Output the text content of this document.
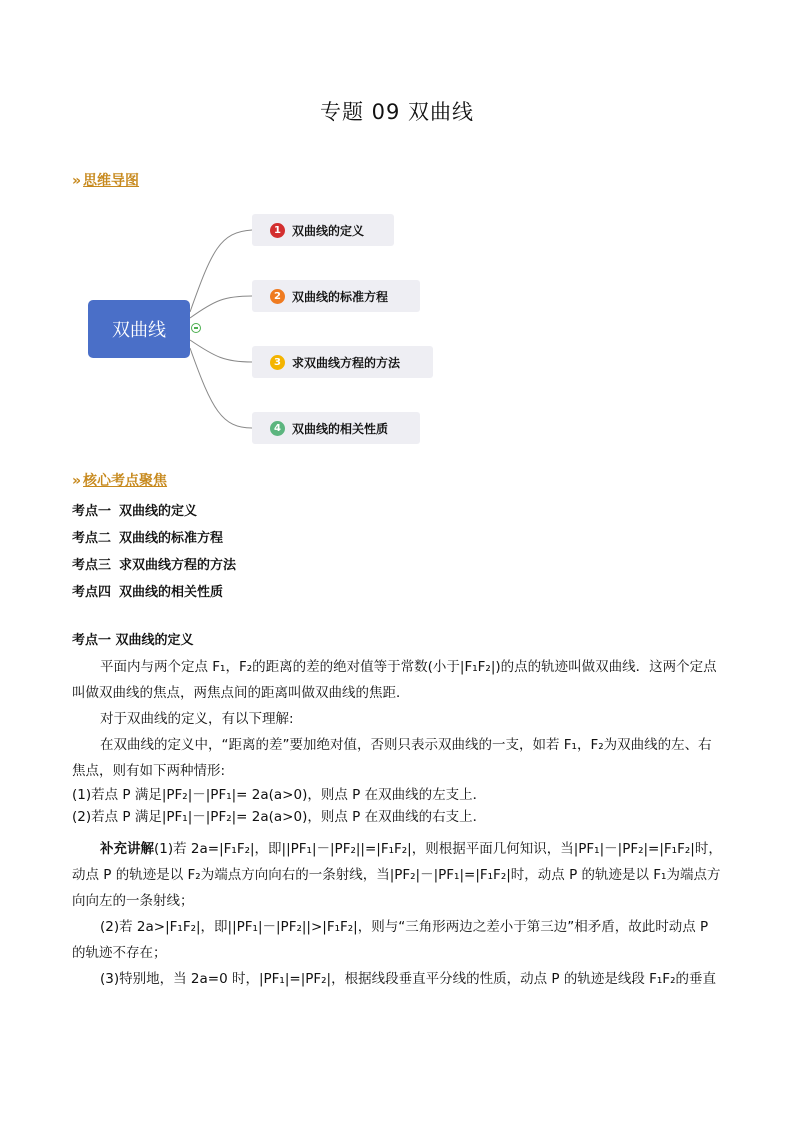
专题 09 双曲线
» 思维导图
双曲线
1 双曲线的定义
2 双曲线的标准方程
3 求双曲线方程的方法
4 双曲线的相关性质
» 核心考点聚焦
考点一 双曲线的定义
考点二 双曲线的标准方程
考点三 求双曲线方程的方法
考点四 双曲线的相关性质

考点一 双曲线的定义

平面内与两个定点 F₁，F₂的距离的差的绝对值等于常数(小于|F₁F₂|)的点的轨迹叫做双曲线．这两个定点叫做双曲线的焦点，两焦点间的距离叫做双曲线的焦距．

对于双曲线的定义，有以下理解:

在双曲线的定义中，“距离的差”要加绝对值，否则只表示双曲线的一支，如若 F₁，F₂为双曲线的左、右焦点，则有如下两种情形:

(1)若点 P 满足|PF₂|－|PF₁|= 2a(a>0)，则点 P 在双曲线的左支上．

(2)若点 P 满足|PF₁|－|PF₂|= 2a(a>0)，则点 P 在双曲线的右支上．

补充讲解(1)若 2a=|F₁F₂|，即||PF₁|－|PF₂||=|F₁F₂|，则根据平面几何知识，当|PF₁|－|PF₂|=|F₁F₂|时，动点 P 的轨迹是以 F₂为端点方向向右的一条射线，当|PF₂|－|PF₁|=|F₁F₂|时，动点 P 的轨迹是以 F₁为端点方向向左的一条射线；

(2)若 2a>|F₁F₂|，即||PF₁|－|PF₂||>|F₁F₂|，则与“三角形两边之差小于第三边”相矛盾，故此时动点 P 的轨迹不存在；

(3)特别地，当 2a=0 时，|PF₁|=|PF₂|，根据线段垂直平分线的性质，动点 P 的轨迹是线段 F₁F₂的垂直
